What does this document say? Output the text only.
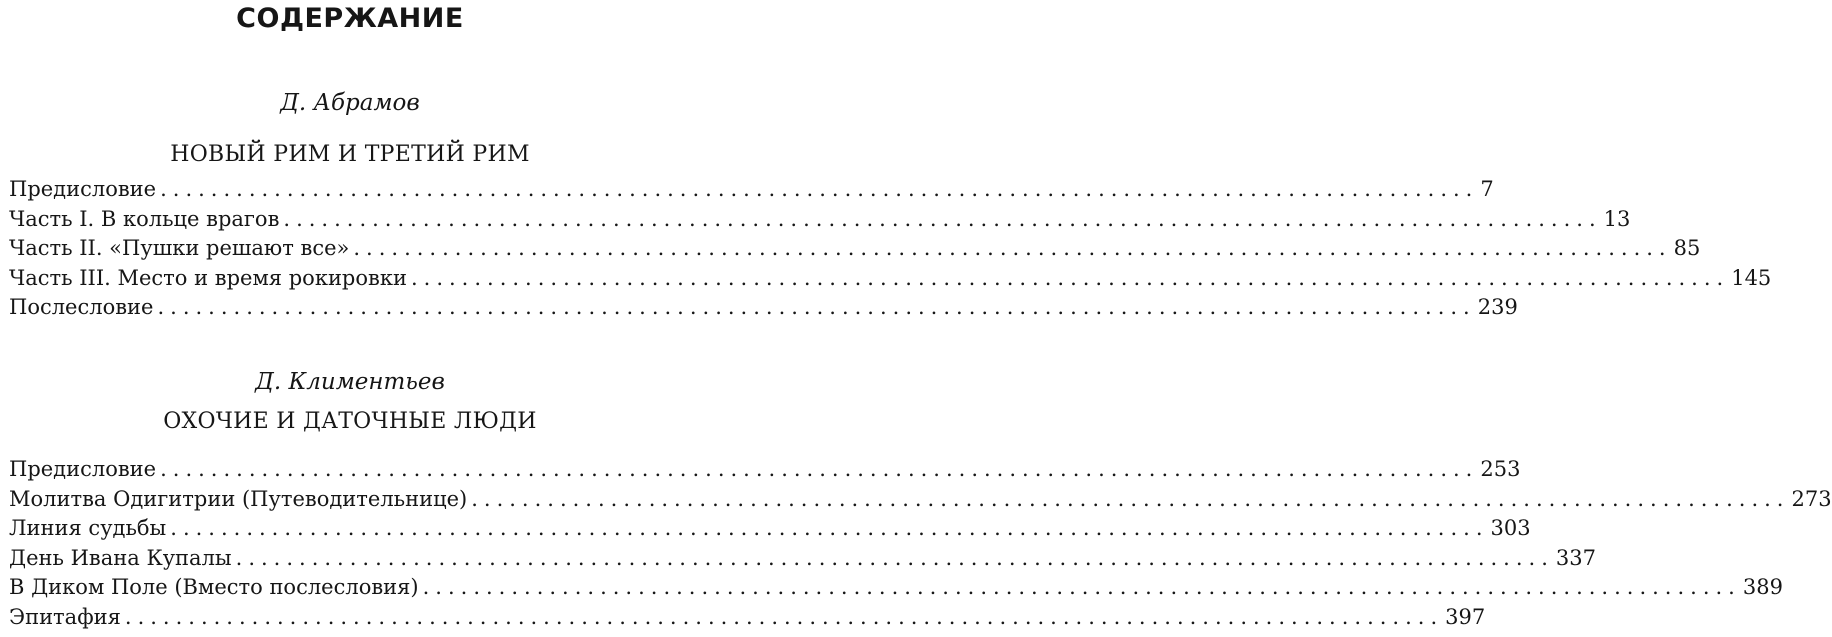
СОДЕРЖАНИЕ
Д. Абрамов
НОВЫЙ РИМ И ТРЕТИЙ РИМ
Предисловие ........................................................................................................ 7
Часть I. В кольце врагов ........................................................................................................ 13
Часть II. «Пушки решают все» ........................................................................................................ 85
Часть III. Место и время рокировки ........................................................................................................ 145
Послесловие ........................................................................................................ 239
Д. Климентьев
ОХОЧИЕ И ДАТОЧНЫЕ ЛЮДИ
Предисловие ........................................................................................................ 253
Молитва Одигитрии (Путеводительнице) ........................................................................................................ 273
Линия судьбы ........................................................................................................ 303
День Ивана Купалы ........................................................................................................ 337
В Диком Поле (Вместо послесловия) ........................................................................................................ 389
Эпитафия ........................................................................................................ 397
